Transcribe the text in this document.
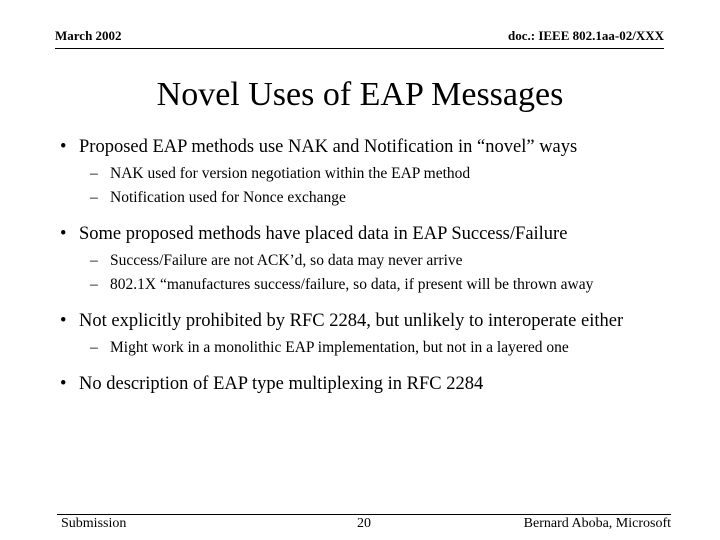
March 2002	doc.: IEEE 802.1aa-02/XXX
Novel Uses of EAP Messages
• Proposed EAP methods use NAK and Notification in “novel” ways
– NAK used for version negotiation within the EAP method
– Notification used for Nonce exchange
• Some proposed methods have placed data in EAP Success/Failure
– Success/Failure are not ACK’d, so data may never arrive
– 802.1X “manufactures success/failure, so data, if present will be thrown away
• Not explicitly prohibited by RFC 2284, but unlikely to interoperate either
– Might work in a monolithic EAP implementation, but not in a layered one
• No description of EAP type multiplexing in RFC 2284
Submission	20	Bernard Aboba, Microsoft
